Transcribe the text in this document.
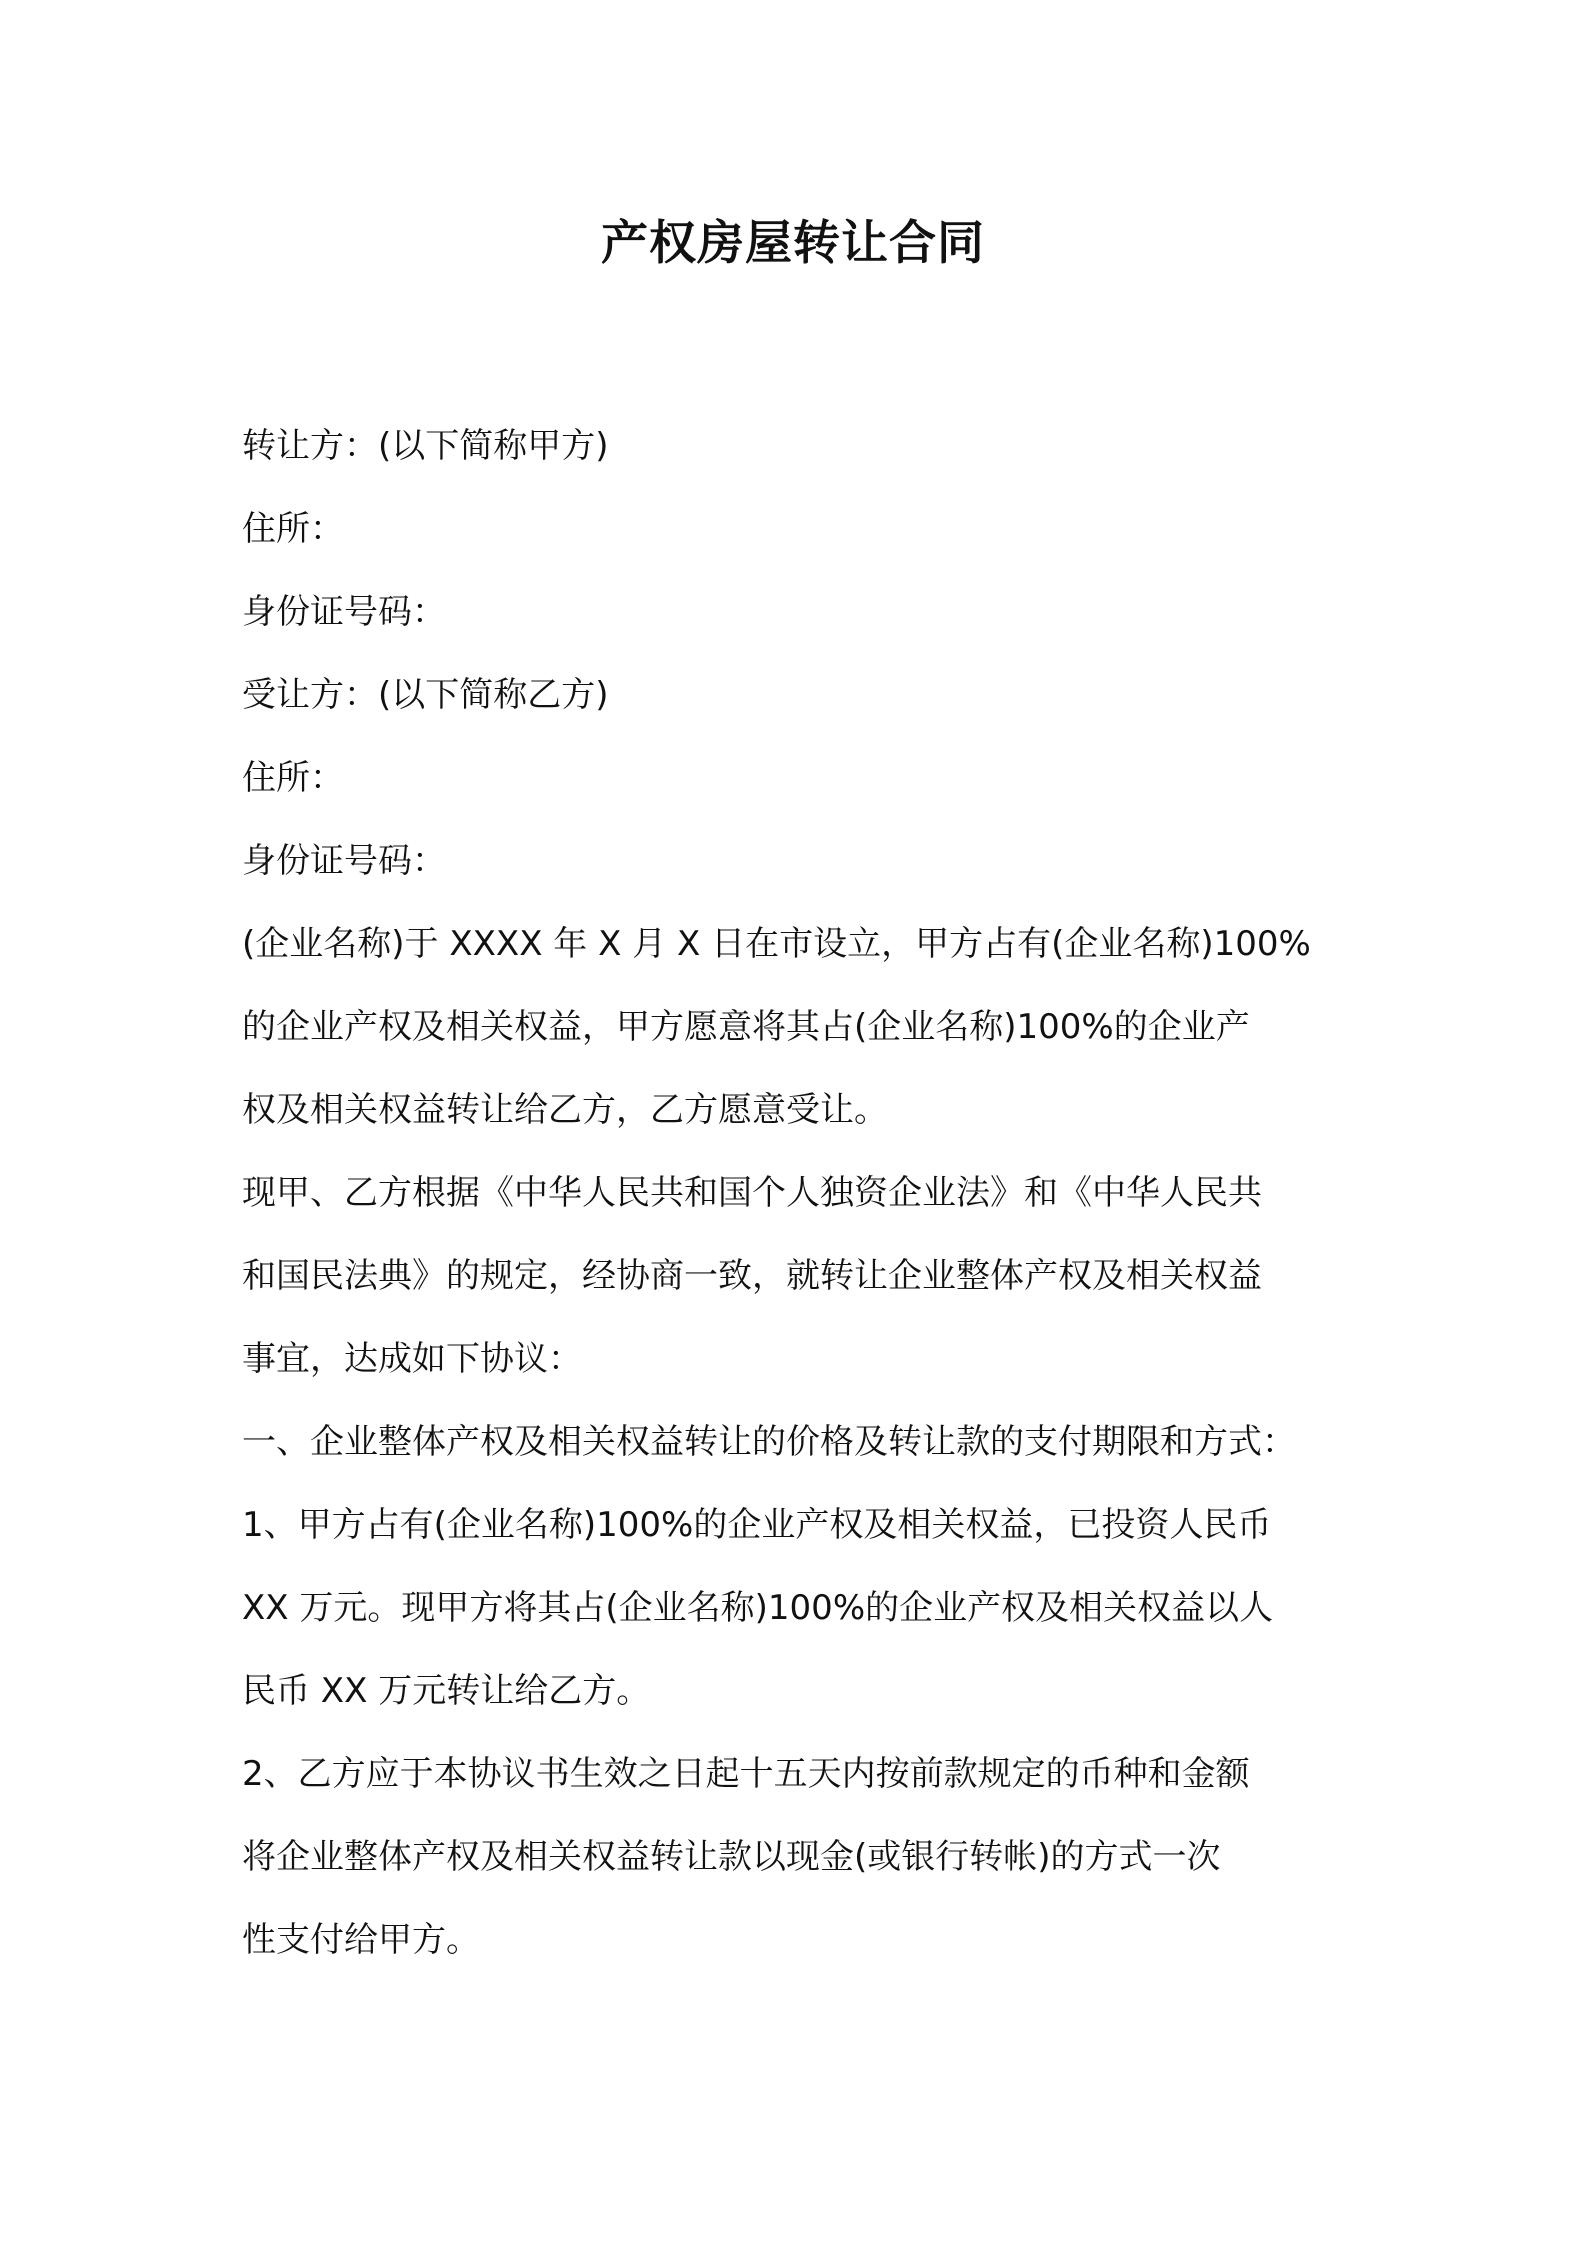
产权房屋转让合同
转让方：(以下简称甲方)
住所：
身份证号码：
受让方：(以下简称乙方)
住所：
身份证号码：
(企业名称)于 XXXX 年 X 月 X 日在市设立，甲方占有(企业名称)100%
的企业产权及相关权益，甲方愿意将其占(企业名称)100%的企业产
权及相关权益转让给乙方，乙方愿意受让。
现甲、乙方根据《中华人民共和国个人独资企业法》和《中华人民共
和国民法典》的规定，经协商一致，就转让企业整体产权及相关权益
事宜，达成如下协议：
一、企业整体产权及相关权益转让的价格及转让款的支付期限和方式：
1、甲方占有(企业名称)100%的企业产权及相关权益，已投资人民币
XX 万元。现甲方将其占(企业名称)100%的企业产权及相关权益以人
民币 XX 万元转让给乙方。
2、乙方应于本协议书生效之日起十五天内按前款规定的币种和金额
将企业整体产权及相关权益转让款以现金(或银行转帐)的方式一次
性支付给甲方。
